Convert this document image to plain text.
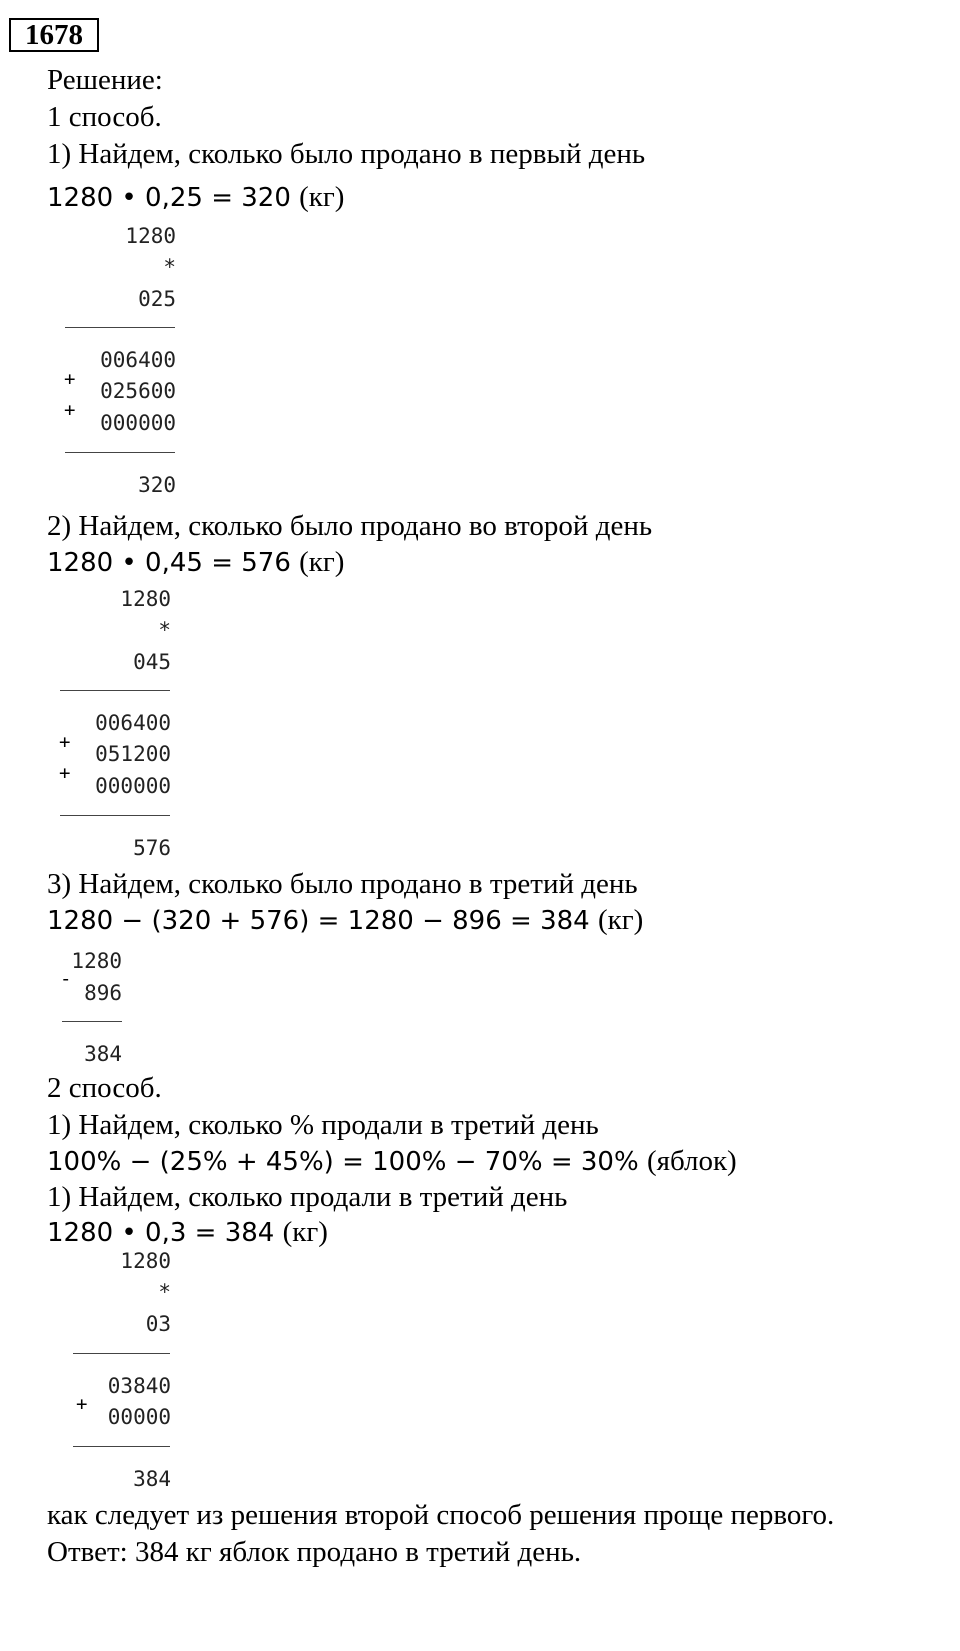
1678
Решение:
1 способ.
1) Найдем, сколько было продано в первый день
1280 • 0,25 = 320 (кг)
1280
*
025
006400
025600
000000
+
+
320
2) Найдем, сколько было продано во второй день
1280 • 0,45 = 576 (кг)
1280
*
045
006400
051200
000000
+
+
576
3) Найдем, сколько было продано в третий день
1280 − (320 + 576) = 1280 − 896 = 384 (кг)
1280
-
896
384
2 способ.
1) Найдем, сколько % продали в третий день
100% − (25% + 45%) = 100% − 70% = 30% (яблок)
1) Найдем, сколько продали в третий день
1280 • 0,3 = 384 (кг)
1280
*
03
03840
00000
+
384
как следует из решения второй способ решения проще первого.
Ответ: 384 кг яблок продано в третий день.
